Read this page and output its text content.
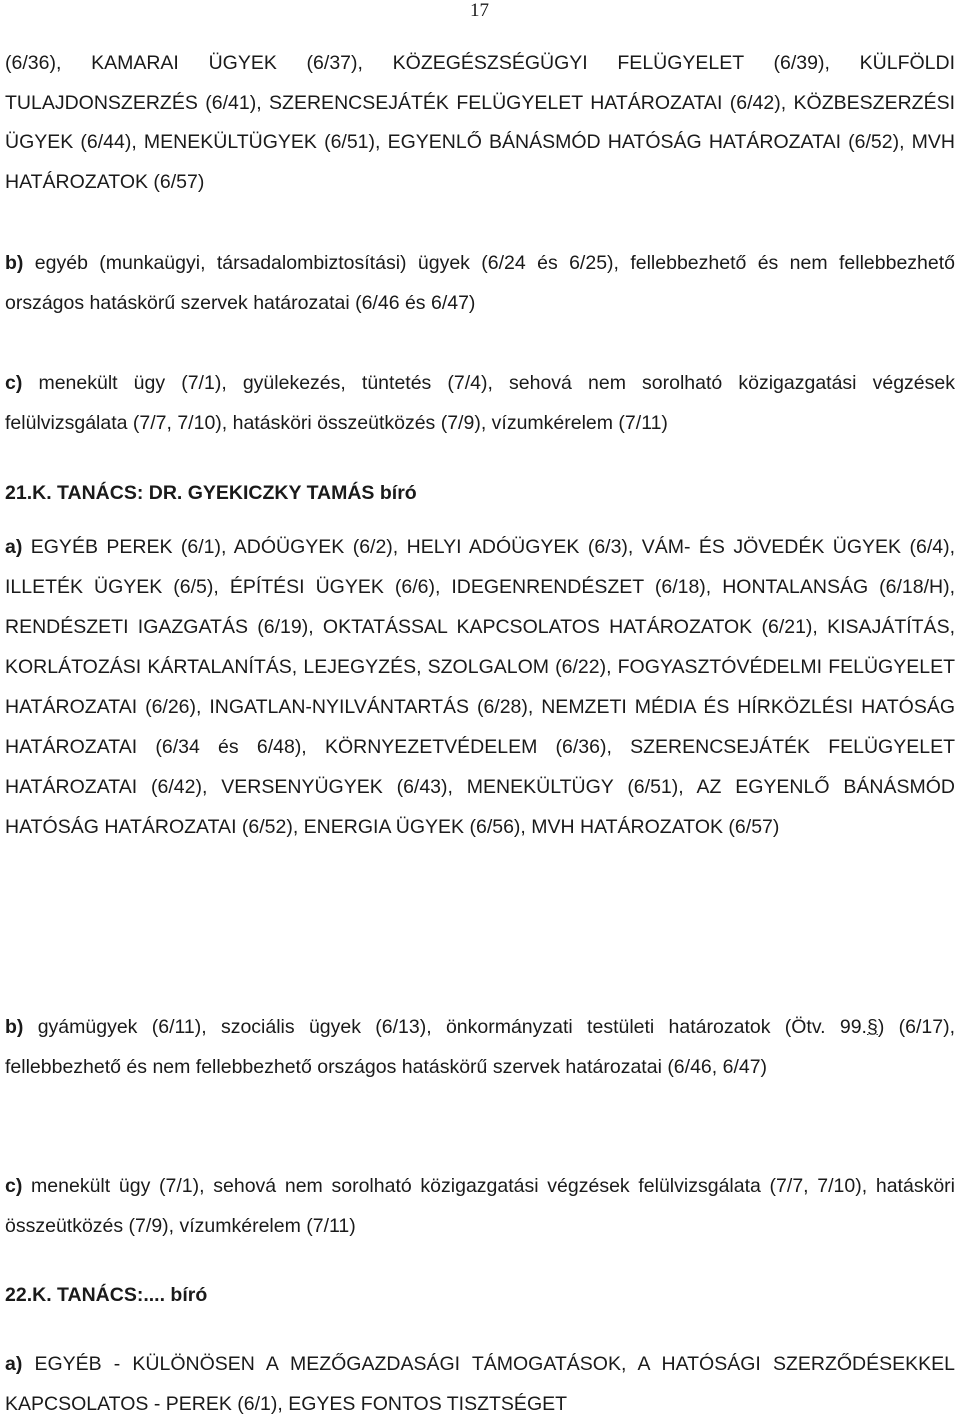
17

(6/36), KAMARAI ÜGYEK (6/37), KÖZEGÉSZSÉGÜGYI FELÜGYELET (6/39), KÜLFÖLDI TULAJDONSZERZÉS (6/41), SZERENCSEJÁTÉK FELÜGYELET HATÁROZATAI (6/42), KÖZBESZERZÉSI ÜGYEK (6/44), MENEKÜLTÜGYEK (6/51), EGYENLŐ BÁNÁSMÓD HATÓSÁG HATÁROZATAI (6/52), MVH HATÁROZATOK (6/57)

b) egyéb (munkaügyi, társadalombiztosítási) ügyek (6/24 és 6/25), fellebbezhető és nem fellebbezhető országos hatáskörű szervek határozatai (6/46 és 6/47)

c) menekült ügy (7/1), gyülekezés, tüntetés (7/4), sehová nem sorolható közigazgatási végzések felülvizsgálata (7/7, 7/10), hatásköri összeütközés (7/9), vízumkérelem (7/11)

21.K. TANÁCS: DR. GYEKICZKY TAMÁS bíró

a) EGYÉB PEREK (6/1), ADÓÜGYEK (6/2), HELYI ADÓÜGYEK (6/3), VÁM- ÉS JÖVEDÉK ÜGYEK (6/4), ILLETÉK ÜGYEK (6/5), ÉPÍTÉSI ÜGYEK (6/6), IDEGENRENDÉSZET (6/18), HONTALANSÁG (6/18/H), RENDÉSZETI IGAZGATÁS (6/19), OKTATÁSSAL KAPCSOLATOS HATÁROZATOK (6/21), KISAJÁTÍTÁS, KORLÁTOZÁSI KÁRTALANÍTÁS, LEJEGYZÉS, SZOLGALOM (6/22), FOGYASZTÓVÉDELMI FELÜGYELET HATÁROZATAI (6/26), INGATLAN-NYILVÁNTARTÁS (6/28), NEMZETI MÉDIA ÉS HÍRKÖZLÉSI HATÓSÁG HATÁROZATAI (6/34 és 6/48), KÖRNYEZETVÉDELEM (6/36), SZERENCSEJÁTÉK FELÜGYELET HATÁROZATAI (6/42), VERSENYÜGYEK (6/43), MENEKÜLTÜGY (6/51), AZ EGYENLŐ BÁNÁSMÓD HATÓSÁG HATÁROZATAI (6/52), ENERGIA ÜGYEK (6/56), MVH HATÁROZATOK (6/57)

b) gyámügyek (6/11), szociális ügyek (6/13), önkormányzati testületi határozatok (Ötv. 99.§) (6/17), fellebbezhető és nem fellebbezhető országos hatáskörű szervek határozatai (6/46, 6/47)

c) menekült ügy (7/1), sehová nem sorolható közigazgatási végzések felülvizsgálata (7/7, 7/10), hatásköri összeütközés (7/9), vízumkérelem (7/11)

22.K. TANÁCS:.... bíró

a) EGYÉB - KÜLÖNÖSEN A MEZŐGAZDASÁGI TÁMOGATÁSOK, A HATÓSÁGI SZERZŐDÉSEKKEL KAPCSOLATOS - PEREK (6/1), EGYES FONTOS TISZTSÉGET
